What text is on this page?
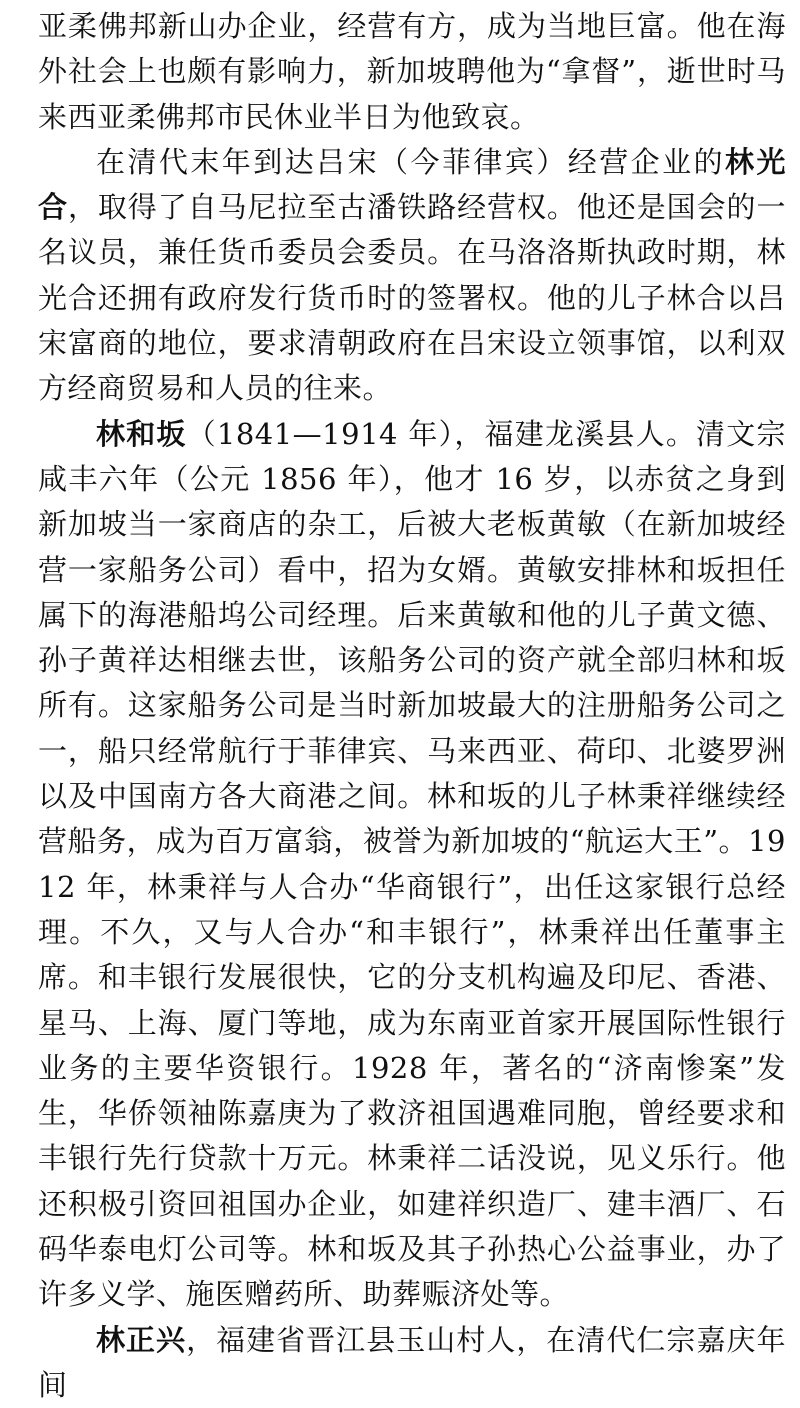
亚柔佛邦新山办企业，经营有方，成为当地巨富。他在海外社会上也颇有影响力，新加坡聘他为“拿督”，逝世时马来西亚柔佛邦市民休业半日为他致哀。

在清代末年到达吕宋（今菲律宾）经营企业的林光合，取得了自马尼拉至古潘铁路经营权。他还是国会的一名议员，兼任货币委员会委员。在马洛洛斯执政时期，林光合还拥有政府发行货币时的签署权。他的儿子林合以吕宋富商的地位，要求清朝政府在吕宋设立领事馆，以利双方经商贸易和人员的往来。

林和坂（1841—1914 年），福建龙溪县人。清文宗咸丰六年（公元 1856 年），他才 16 岁，以赤贫之身到新加坡当一家商店的杂工，后被大老板黄敏（在新加坡经营一家船务公司）看中，招为女婿。黄敏安排林和坂担任属下的海港船坞公司经理。后来黄敏和他的儿子黄文德、孙子黄祥达相继去世，该船务公司的资产就全部归林和坂所有。这家船务公司是当时新加坡最大的注册船务公司之一，船只经常航行于菲律宾、马来西亚、荷印、北婆罗洲以及中国南方各大商港之间。林和坂的儿子林秉祥继续经营船务，成为百万富翁，被誉为新加坡的“航运大王”。1912 年，林秉祥与人合办“华商银行”，出任这家银行总经理。不久，又与人合办“和丰银行”，林秉祥出任董事主席。和丰银行发展很快，它的分支机构遍及印尼、香港、星马、上海、厦门等地，成为东南亚首家开展国际性银行业务的主要华资银行。1928 年，著名的“济南惨案”发生，华侨领袖陈嘉庚为了救济祖国遇难同胞，曾经要求和丰银行先行贷款十万元。林秉祥二话没说，见义乐行。他还积极引资回祖国办企业，如建祥织造厂、建丰酒厂、石码华泰电灯公司等。林和坂及其子孙热心公益事业，办了许多义学、施医赠药所、助葬赈济处等。

林正兴，福建省晋江县玉山村人，在清代仁宗嘉庆年间
